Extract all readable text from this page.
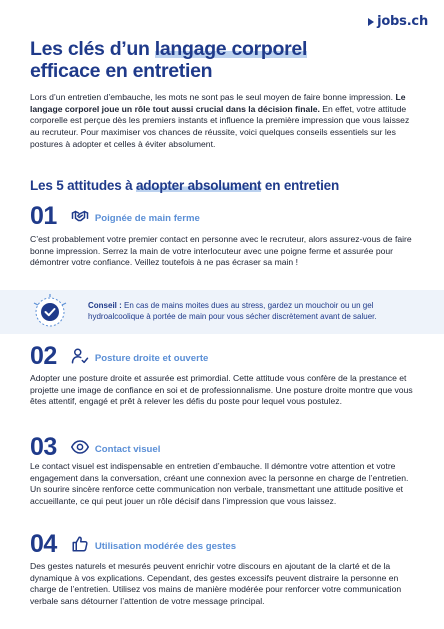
jobs.ch
Les clés d’un langage corporel
efficace en entretien

Lors d’un entretien d’embauche, les mots ne sont pas le seul moyen de faire bonne impression. Le langage corporel joue un rôle tout aussi crucial dans la décision finale. En effet, votre attitude corporelle est perçue dès les premiers instants et influence la première impression que vous laissez au recruteur. Pour maximiser vos chances de réussite, voici quelques conseils essentiels sur les postures à adopter et celles à éviter absolument.

Les 5 attitudes à adopter absolument en entretien
01	Poignée de main ferme

C’est probablement votre premier contact en personne avec le recruteur, alors assurez-vous de faire bonne impression. Serrez la main de votre interlocuteur avec une poigne ferme et assurée pour démontrer votre confiance. Veillez toutefois à ne pas écraser sa main !

Conseil : En cas de mains moites dues au stress, gardez un mouchoir ou un gel hydroalcoolique à portée de main pour vous sécher discrètement avant de saluer.

02	Posture droite et ouverte

Adopter une posture droite et assurée est primordial. Cette attitude vous confère de la prestance et projette une image de confiance en soi et de professionnalisme. Une posture droite montre que vous êtes attentif, engagé et prêt à relever les défis du poste pour lequel vous postulez.

03	Contact visuel

Le contact visuel est indispensable en entretien d’embauche. Il démontre votre attention et votre engagement dans la conversation, créant une connexion avec la personne en charge de l’entretien. Un sourire sincère renforce cette communication non verbale, transmettant une attitude positive et accueillante, ce qui peut jouer un rôle décisif dans l’impression que vous laissez.

04	Utilisation modérée des gestes

Des gestes naturels et mesurés peuvent enrichir votre discours en ajoutant de la clarté et de la dynamique à vos explications. Cependant, des gestes excessifs peuvent distraire la personne en charge de l’entretien. Utilisez vos mains de manière modérée pour renforcer votre communication verbale sans détourner l’attention de votre message principal.
